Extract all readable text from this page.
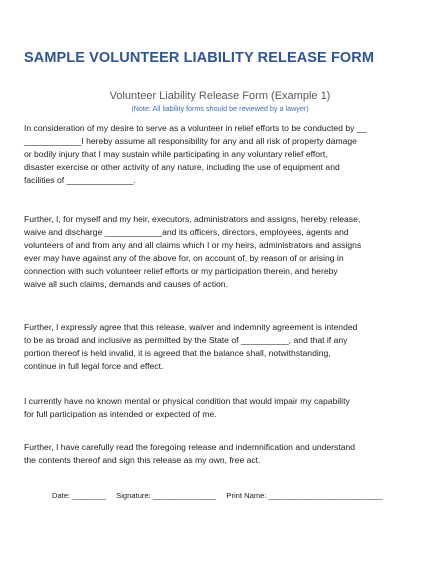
SAMPLE VOLUNTEER LIABILITY RELEASE FORM
Volunteer Liability Release Form (Example 1)
(Note: All liability forms should be reviewed by a lawyer)
In consideration of my desire to serve as a volunteer in relief efforts to be conducted by __
____________I hereby assume all responsibility for any and all risk of property damage
or bodily injury that I may sustain while participating in any voluntary relief effort,
disaster exercise or other activity of any nature, including the use of equipment and
facilities of ______________.
Further, I, for myself and my heir, executors, administrators and assigns, hereby release,
waive and discharge ____________and its officers, directors, employees, agents and
volunteers of and from any and all claims which I or my heirs, administrators and assigns
ever may have against any of the above for, on account of, by reason of or arising in
connection with such volunteer relief efforts or my participation therein, and hereby
waive all such claims, demands and causes of action.
Further, I expressly agree that this release, waiver and indemnity agreement is intended
to be as broad and inclusive as permitted by the State of __________, and that if any
portion thereof is held invalid, it is agreed that the balance shall, notwithstanding,
continue in full legal force and effect.
I currently have no known mental or physical condition that would impair my capability
for full participation as intended or expected of me.
Further, I have carefully read the foregoing release and indemnification and understand
the contents thereof and sign this release as my own, free act.
Date: ________ Signature: _______________ Print Name: ___________________________
